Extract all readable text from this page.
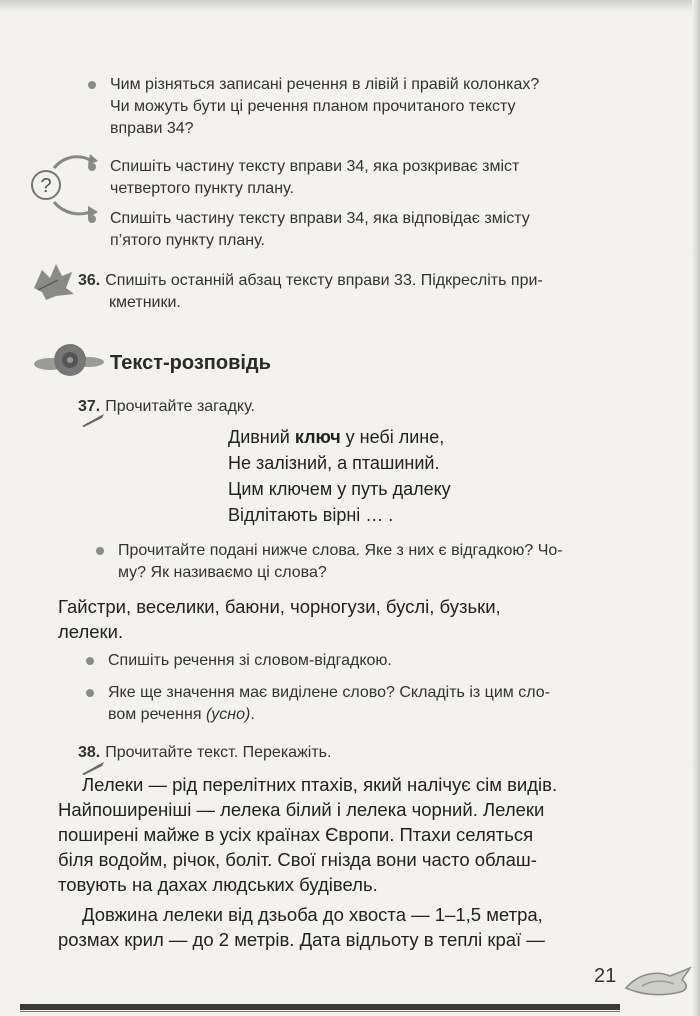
Чим різняться записані речення в лівій і правій колонках?
Чи можуть бути ці речення планом прочитаного тексту
вправи 34?
?
Спишіть частину тексту вправи 34, яка розкриває зміст
четвертого пункту плану.
Спишіть частину тексту вправи 34, яка відповідає змісту
п’ятого пункту плану.
36. Спишіть останній абзац тексту вправи 33. Підкресліть при-
кметники.
Текст-розповідь
37. Прочитайте загадку.
Дивний ключ у небі лине,
Не залізний, а пташиний.
Цим ключем у путь далеку
Відлітають вірні … .
Прочитайте подані нижче слова. Яке з них є відгадкою? Чо-
му? Як називаємо ці слова?
Гайстри, веселики, баюни, чорногузи, буслі, бузьки,
лелеки.
Спишіть речення зі словом-відгадкою.
Яке ще значення має виділене слово? Складіть із цим сло-
вом речення (усно).
38. Прочитайте текст. Перекажіть.
Лелеки — рід перелітних птахів, який налічує сім видів.
Найпоширеніші — лелека білий і лелека чорний. Лелеки
поширені майже в усіх країнах Європи. Птахи селяться
біля водойм, річок, боліт. Свої гнізда вони часто облаш-
товують на дахах людських будівель.
Довжина лелеки від дзьоба до хвоста — 1–1,5 метра,
розмах крил — до 2 метрів. Дата відльоту в теплі краї —
21
